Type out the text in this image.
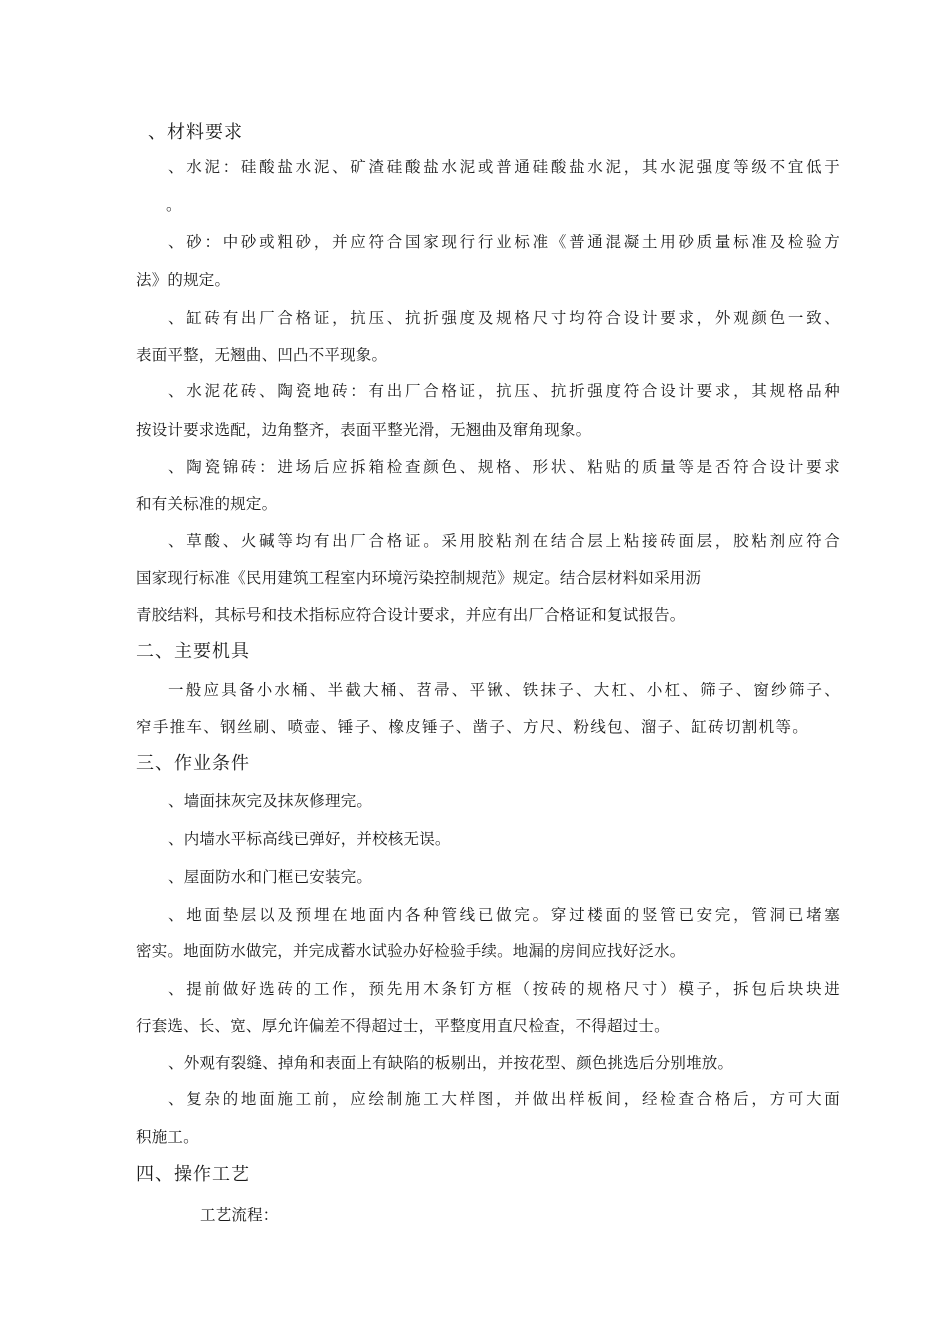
、材料要求
、水泥：硅酸盐水泥、矿渣硅酸盐水泥或普通硅酸盐水泥，其水泥强度等级不宜低于
。
、砂：中砂或粗砂，并应符合国家现行行业标准《普通混凝土用砂质量标准及检验方
法》的规定。
、缸砖有出厂合格证，抗压、抗折强度及规格尺寸均符合设计要求，外观颜色一致、
表面平整，无翘曲、凹凸不平现象。
、水泥花砖、陶瓷地砖：有出厂合格证，抗压、抗折强度符合设计要求，其规格品种
按设计要求选配，边角整齐，表面平整光滑，无翘曲及窜角现象。
、陶瓷锦砖：进场后应拆箱检查颜色、规格、形状、粘贴的质量等是否符合设计要求
和有关标准的规定。
、草酸、火碱等均有出厂合格证。采用胶粘剂在结合层上粘接砖面层，胶粘剂应符合
国家现行标准《民用建筑工程室内环境污染控制规范》规定。结合层材料如采用沥
青胶结料，其标号和技术指标应符合设计要求，并应有出厂合格证和复试报告。
二、主要机具
一般应具备小水桶、半截大桶、苕帚、平锹、铁抹子、大杠、小杠、筛子、窗纱筛子、
窄手推车、钢丝刷、喷壶、锤子、橡皮锤子、凿子、方尺、粉线包、溜子、缸砖切割机等。
三、作业条件
、墙面抹灰完及抹灰修理完。
、内墙水平标高线已弹好，并校核无误。
、屋面防水和门框已安装完。
、地面垫层以及预埋在地面内各种管线已做完。穿过楼面的竖管已安完，管洞已堵塞
密实。地面防水做完，并完成蓄水试验办好检验手续。地漏的房间应找好泛水。
、提前做好选砖的工作，预先用木条钉方框（按砖的规格尺寸）模子，拆包后块块进
行套选、长、宽、厚允许偏差不得超过士，平整度用直尺检查，不得超过士。
、外观有裂缝、掉角和表面上有缺陷的板剔出，并按花型、颜色挑选后分别堆放。
、复杂的地面施工前，应绘制施工大样图，并做出样板间，经检查合格后，方可大面
积施工。
四、操作工艺
工艺流程：
